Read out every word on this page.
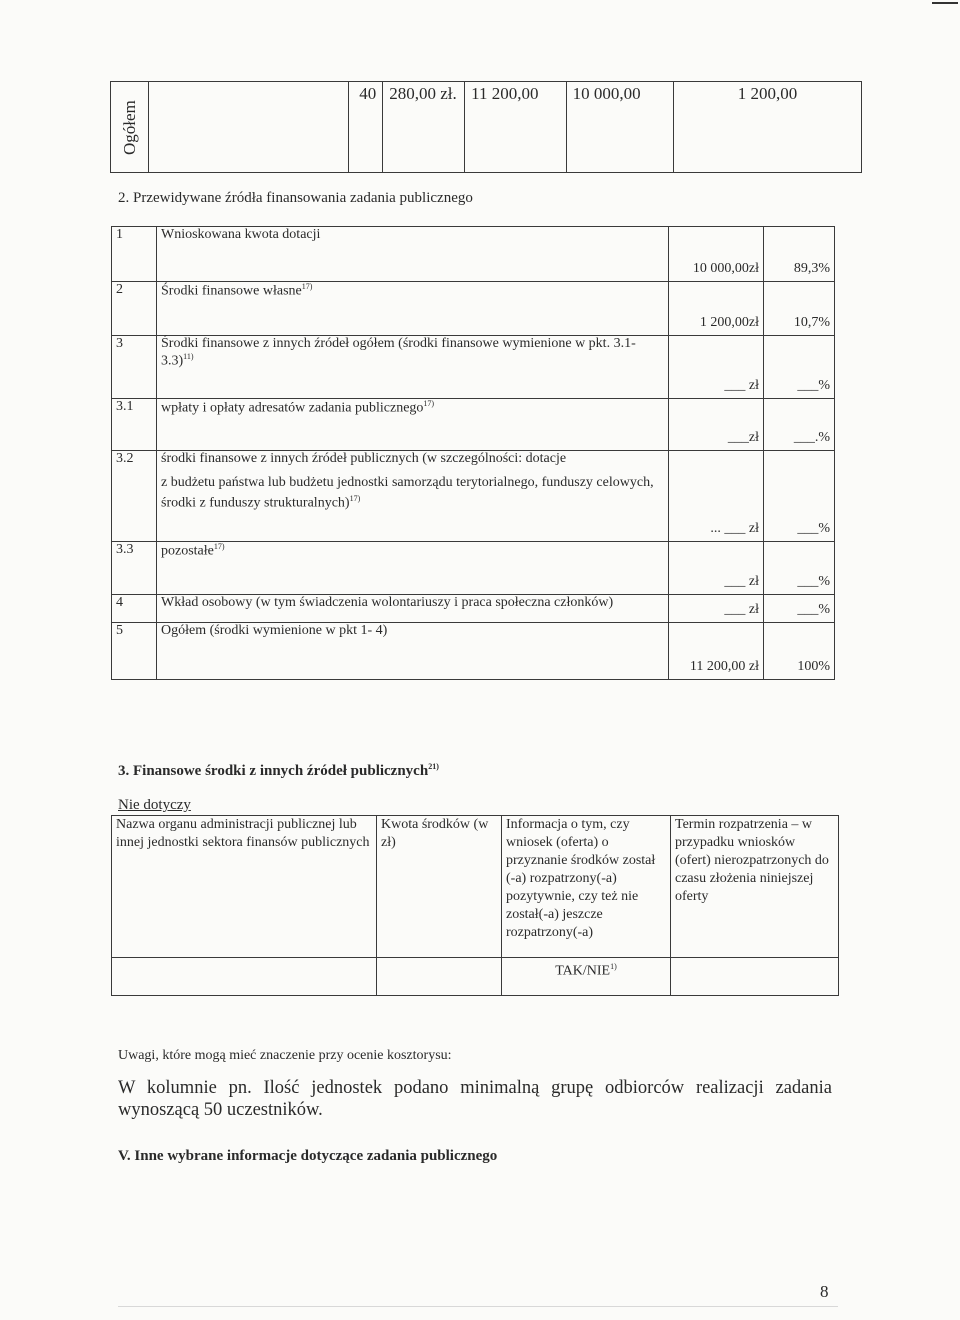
Ogółem		40	280,00 zł.	11 200,00	10 000,00	1 200,00
2. Przewidywane źródła finansowania zadania publicznego
1	Wnioskowana kwota dotacji	10 000,00zł	89,3%
2	Środki finansowe własne$^{17)}$	1 200,00zł	10,7%
3	Środki finansowe z innych źródeł ogółem (środki finansowe wymienione w pkt. 3.1-3.3)$^{11)}$	___ zł	___%
3.1	wpłaty i opłaty adresatów zadania publicznego$^{17)}$	___zł	___.%
3.2	środki finansowe z innych źródeł publicznych (w szczególności: dotacje
z budżetu państwa lub budżetu jednostki samorządu terytorialnego, funduszy celowych, środki z funduszy strukturalnych)$^{17)}$	... ___ zł	___%
3.3	pozostałe$^{17)}$	___ zł	___%
4	Wkład osobowy (w tym świadczenia wolontariuszy i praca społeczna członków)	___ zł	___%
5	Ogółem (środki wymienione w pkt 1- 4)	11 200,00 zł	100%
3. Finansowe środki z innych źródeł publicznych$^{21)}$
Nie dotyczy
Nazwa organu administracji publicznej lub innej jednostki sektora finansów publicznych	Kwota środków (w zł)	Informacja o tym, czy wniosek (oferta) o przyznanie środków został (-a) rozpatrzony(-a) pozytywnie, czy też nie został(-a) jeszcze rozpatrzony(-a)	Termin rozpatrzenia – w przypadku wniosków (ofert) nierozpatrzonych do czasu złożenia niniejszej oferty
		TAK/NIE$^{1)}$	
Uwagi, które mogą mieć znaczenie przy ocenie kosztorysu:
W kolumnie pn. Ilość jednostek podano minimalną grupę odbiorców realizacji zadania wynoszącą 50 uczestników.
V. Inne wybrane informacje dotyczące zadania publicznego
8
